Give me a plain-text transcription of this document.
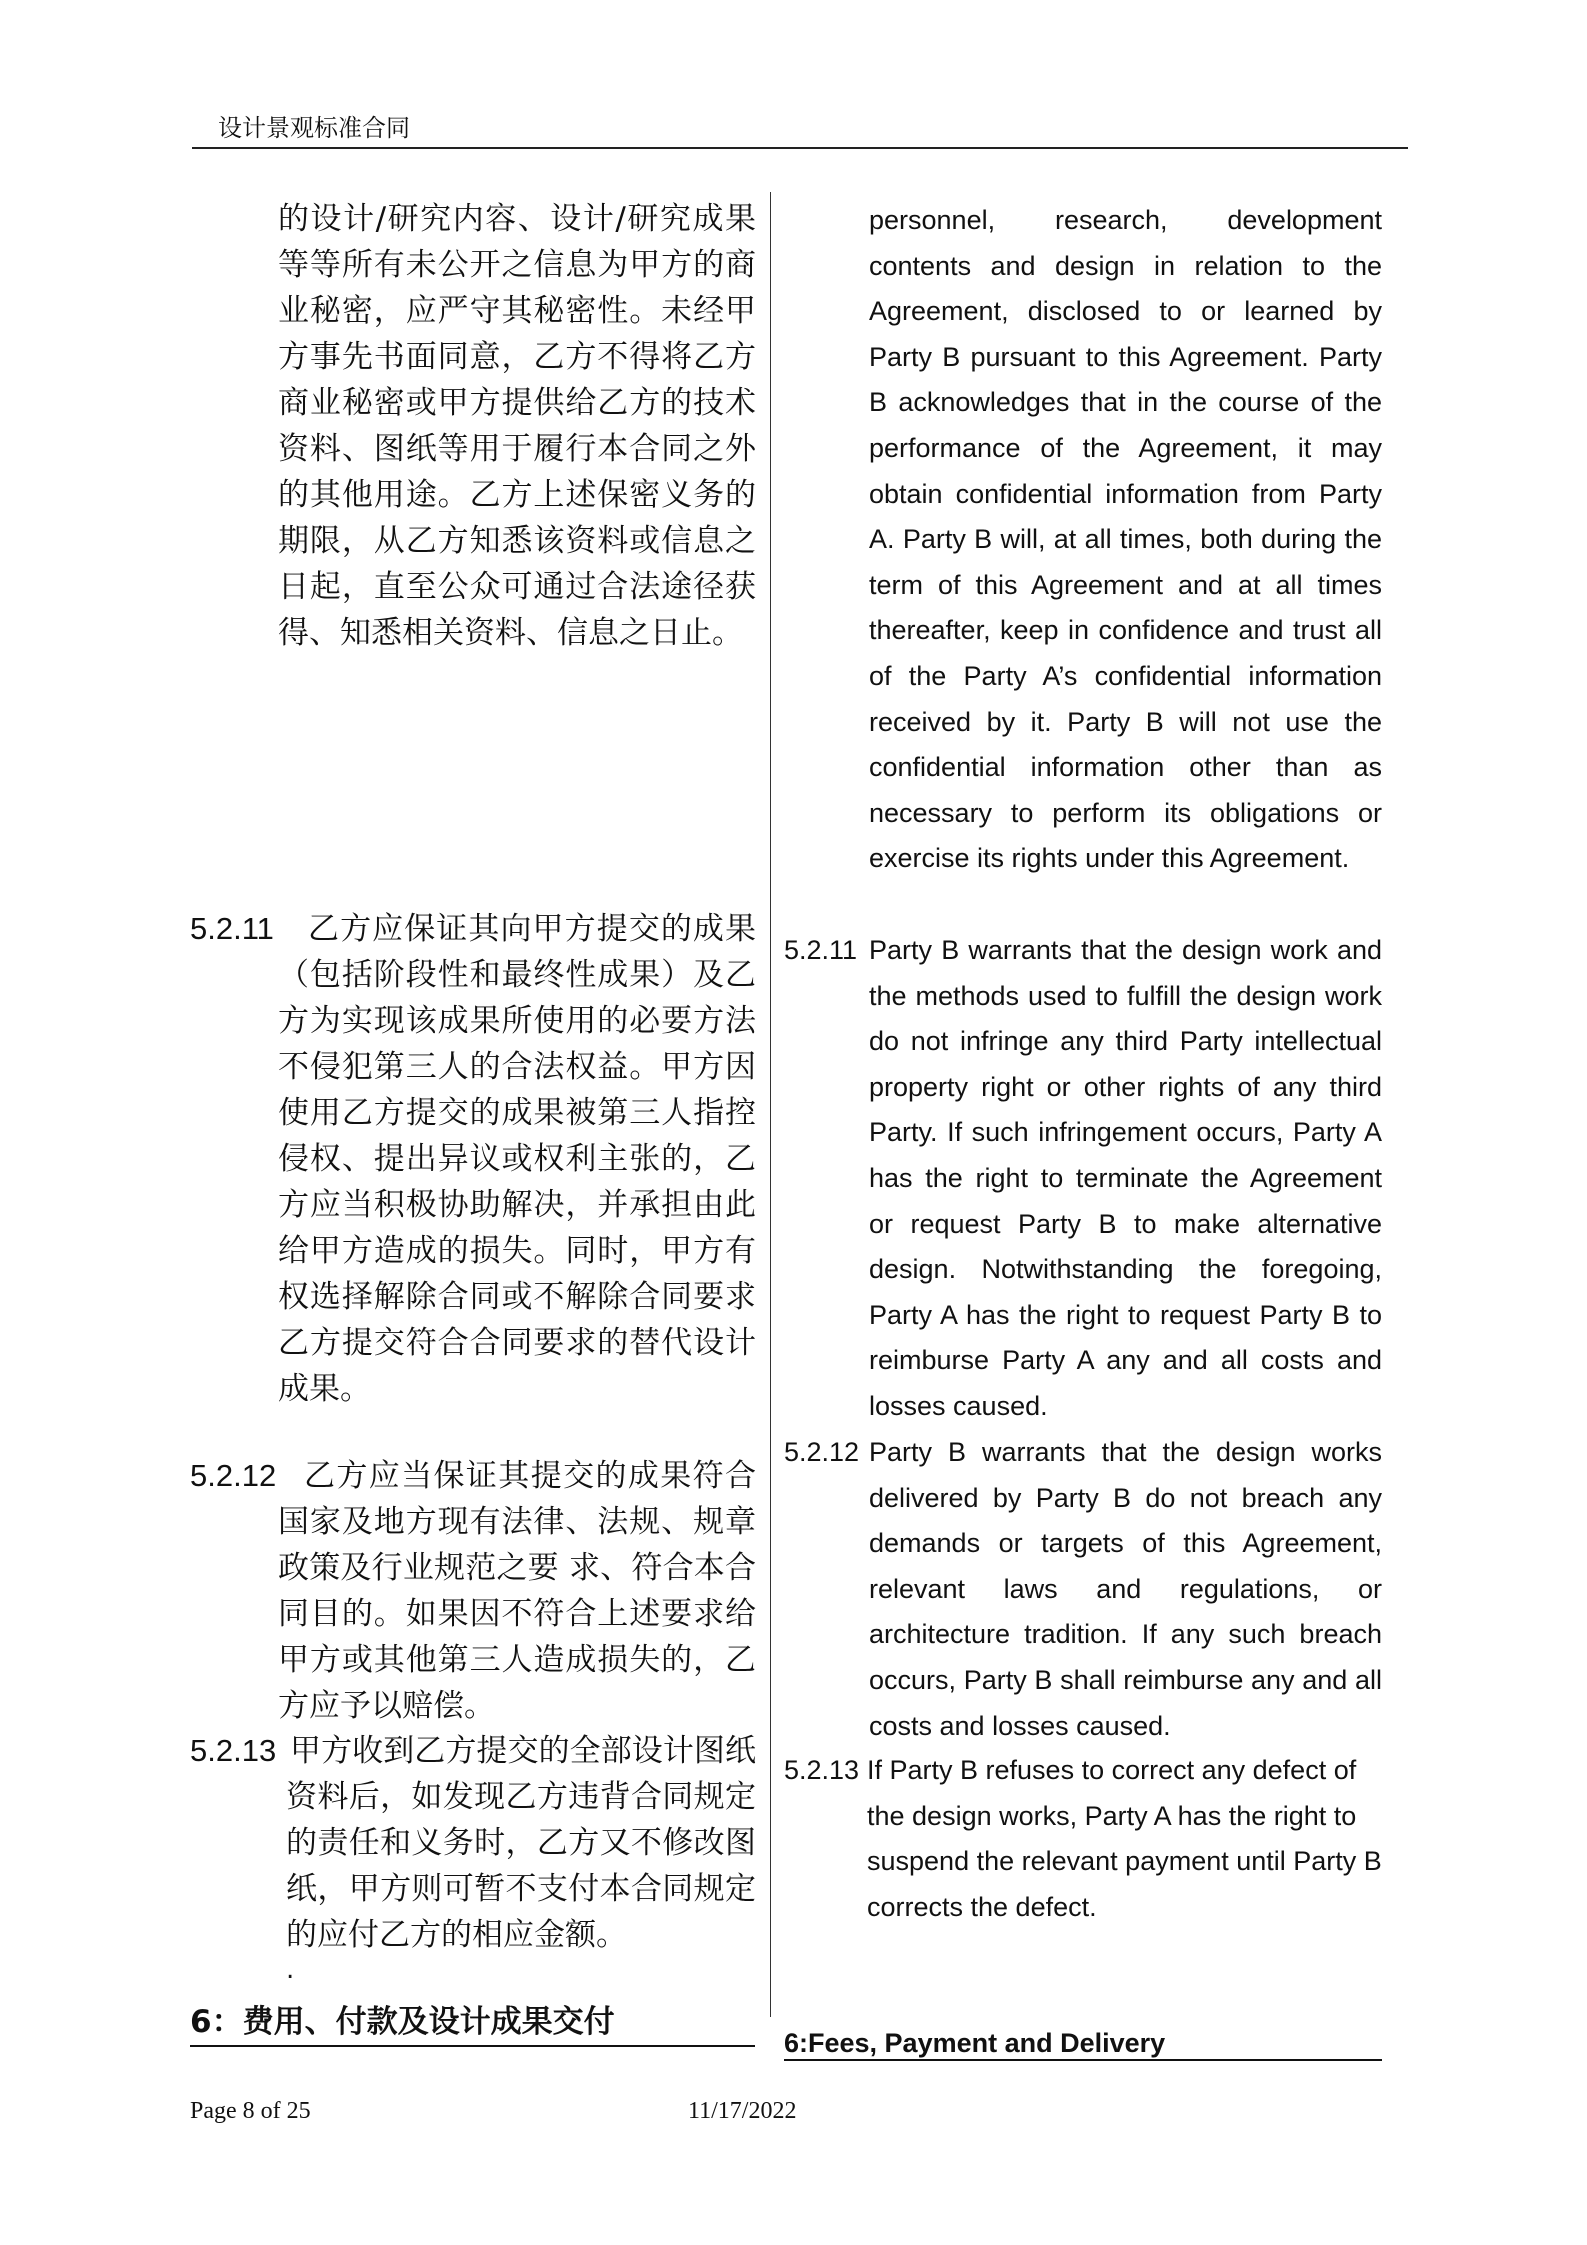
设计景观标准合同

的设计/研究内容、设计/研究成果等等所有未公开之信息为甲方的商业秘密，应严守其秘密性。未经甲方事先书面同意，乙方不得将乙方商业秘密或甲方提供给乙方的技术资料、图纸等用于履行本合同之外的其他用途。乙方上述保密义务的期限，从乙方知悉该资料或信息之日起，直至公众可通过合法途径获得、知悉相关资料、信息之日止。

5.2.11	乙方应保证其向甲方提交的成果（包括阶段性和最终性成果）及乙方为实现该成果所使用的必要方法不侵犯第三人的合法权益。甲方因使用乙方提交的成果被第三人指控侵权、提出异议或权利主张的，乙方应当积极协助解决，并承担由此给甲方造成的损失。同时，甲方有权选择解除合同或不解除合同要求乙方提交符合合同要求的替代设计成果。

5.2.12 乙方应当保证其提交的成果符合国家及地方现有法律、法规、规章政策及行业规范之要 求、符合本合同目的。如果因不符合上述要求给甲方或其他第三人造成损失的，乙方应予以赔偿。

5.2.13 甲方收到乙方提交的全部设计图纸资料后，如发现乙方违背合同规定的责任和义务时，乙方又不修改图纸，甲方则可暂不支付本合同规定的应付乙方的相应金额。

.
6：费用、付款及设计成果交付

personnel, research, development contents and design in relation to the Agreement, disclosed to or learned by Party B pursuant to this Agreement. Party B acknowledges that in the course of the performance of the Agreement, it may obtain confidential information from Party A. Party B will, at all times, both during the term of this Agreement and at all times thereafter, keep in confidence and trust all of the Party A’s confidential information received by it. Party B will not use the confidential information other than as necessary to perform its obligations or exercise its rights under this Agreement.

5.2.11 Party B warrants that the design work and the methods used to fulfill the design work do not infringe any third Party intellectual property right or other rights of any third Party. If such infringement occurs, Party A has the right to terminate the Agreement or request Party B to make alternative design. Notwithstanding the foregoing, Party A has the right to request Party B to reimburse Party A any and all costs and losses caused.

5.2.12 Party B warrants that the design works delivered by Party B do not breach any demands or targets of this Agreement, relevant laws and regulations, or architecture tradition. If any such breach occurs, Party B shall reimburse any and all costs and losses caused.

5.2.13 If Party B refuses to correct any defect of the design works, Party A has the right to suspend the relevant payment until Party B corrects the defect.

6:Fees, Payment and Delivery
Page 8 of 25	11/17/2022
